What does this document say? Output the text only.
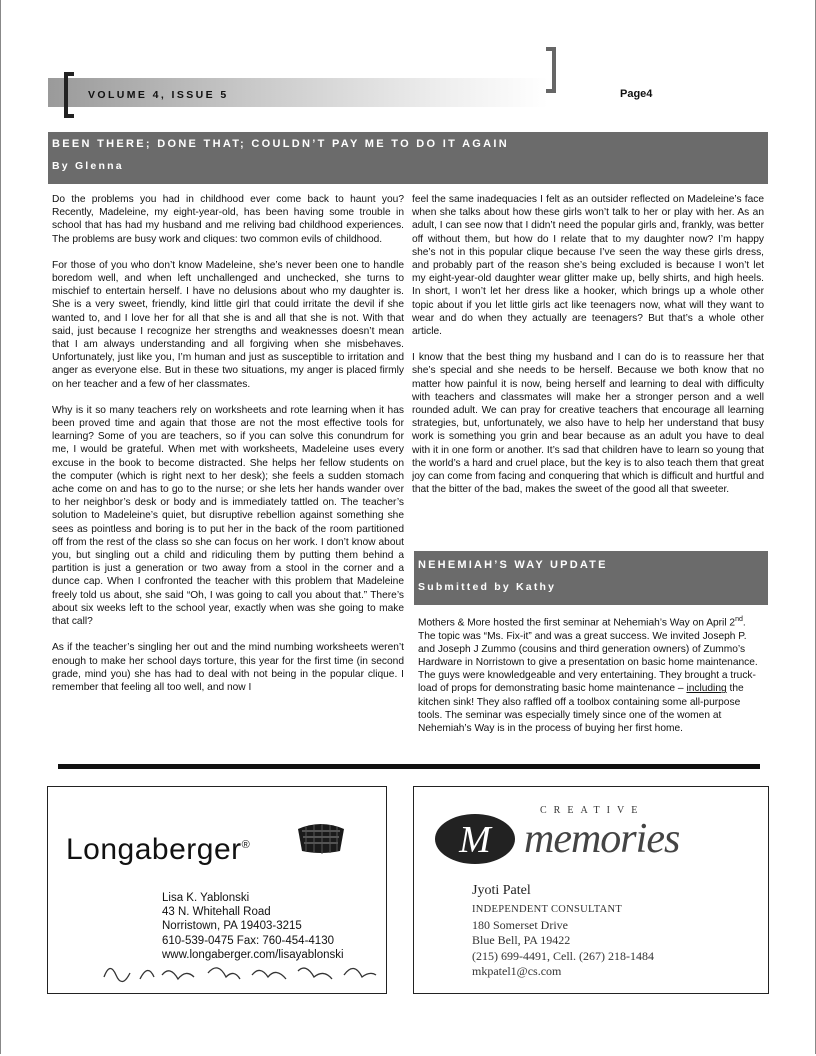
VOLUME 4, ISSUE 5	Page4
BEEN THERE; DONE THAT; COULDN’T PAY ME TO DO IT AGAIN
By Glenna

Do the problems you had in childhood ever come back to haunt you? Recently, Madeleine, my eight-year-old, has been having some trouble in school that has had my husband and me reliving bad childhood experiences. The problems are busy work and cliques: two common evils of childhood.

For those of you who don’t know Madeleine, she’s never been one to handle boredom well, and when left unchallenged and unchecked, she turns to mischief to entertain herself. I have no delusions about who my daughter is. She is a very sweet, friendly, kind little girl that could irritate the devil if she wanted to, and I love her for all that she is and all that she is not. With that said, just because I recognize her strengths and weaknesses doesn’t mean that I am always understanding and all forgiving when she misbehaves. Unfortunately, just like you, I’m human and just as susceptible to irritation and anger as everyone else. But in these two situations, my anger is placed firmly on her teacher and a few of her classmates.

Why is it so many teachers rely on worksheets and rote learning when it has been proved time and again that those are not the most effective tools for learning? Some of you are teachers, so if you can solve this conundrum for me, I would be grateful. When met with worksheets, Madeleine uses every excuse in the book to become distracted. She helps her fellow students on the computer (which is right next to her desk); she feels a sudden stomach ache come on and has to go to the nurse; or she lets her hands wander over to her neighbor’s desk or body and is immediately tattled on. The teacher’s solution to Madeleine’s quiet, but disruptive rebellion against something she sees as pointless and boring is to put her in the back of the room partitioned off from the rest of the class so she can focus on her work. I don’t know about you, but singling out a child and ridiculing them by putting them behind a partition is just a generation or two away from a stool in the corner and a dunce cap. When I confronted the teacher with this problem that Madeleine freely told us about, she said “Oh, I was going to call you about that.” There’s about six weeks left to the school year, exactly when was she going to make that call?

As if the teacher’s singling her out and the mind numbing worksheets weren’t enough to make her school days torture, this year for the first time (in second grade, mind you) she has had to deal with not being in the popular clique. I remember that feeling all too well, and now I

feel the same inadequacies I felt as an outsider reflected on Madeleine’s face when she talks about how these girls won’t talk to her or play with her. As an adult, I can see now that I didn’t need the popular girls and, frankly, was better off without them, but how do I relate that to my daughter now? I’m happy she’s not in this popular clique because I’ve seen the way these girls dress, and probably part of the reason she’s being excluded is because I won’t let my eight-year-old daughter wear glitter make up, belly shirts, and high heels. In short, I won’t let her dress like a hooker, which brings up a whole other topic about if you let little girls act like teenagers now, what will they want to wear and do when they actually are teenagers? But that’s a whole other article.

I know that the best thing my husband and I can do is to reassure her that she’s special and she needs to be herself. Because we both know that no matter how painful it is now, being herself and learning to deal with difficulty with teachers and classmates will make her a stronger person and a well rounded adult. We can pray for creative teachers that encourage all learning strategies, but, unfortunately, we also have to help her understand that busy work is something you grin and bear because as an adult you have to deal with it in one form or another. It’s sad that children have to learn so young that the world’s a hard and cruel place, but the key is to also teach them that great joy can come from facing and conquering that which is difficult and hurtful and that the bitter of the bad, makes the sweet of the good all that sweeter.

NEHEMIAH’S WAY UPDATE
Submitted by Kathy
Mothers & More hosted the first seminar at Nehemiah’s Way on April 2nd. The topic was “Ms. Fix-it” and was a great success. We invited Joseph P. and Joseph J Zummo (cousins and third generation owners) of Zummo’s Hardware in Norristown to give a presentation on basic home maintenance. The guys were knowledgeable and very entertaining. They brought a truck-load of props for demonstrating basic home maintenance – including the kitchen sink! They also raffled off a toolbox containing some all-purpose tools. The seminar was especially timely since one of the women at Nehemiah’s Way is in the process of buying her first home.
Longaberger®
Lisa K. Yablonski
43 N. Whitehall Road
Norristown, PA 19403-3215
610-539-0475 Fax: 760-454-4130
www.longaberger.com/lisayablonski
M
CREATIVE
memories
Jyoti Patel
INDEPENDENT CONSULTANT
180 Somerset Drive
Blue Bell, PA 19422
(215) 699-4491, Cell. (267) 218-1484
mkpatel1@cs.com
